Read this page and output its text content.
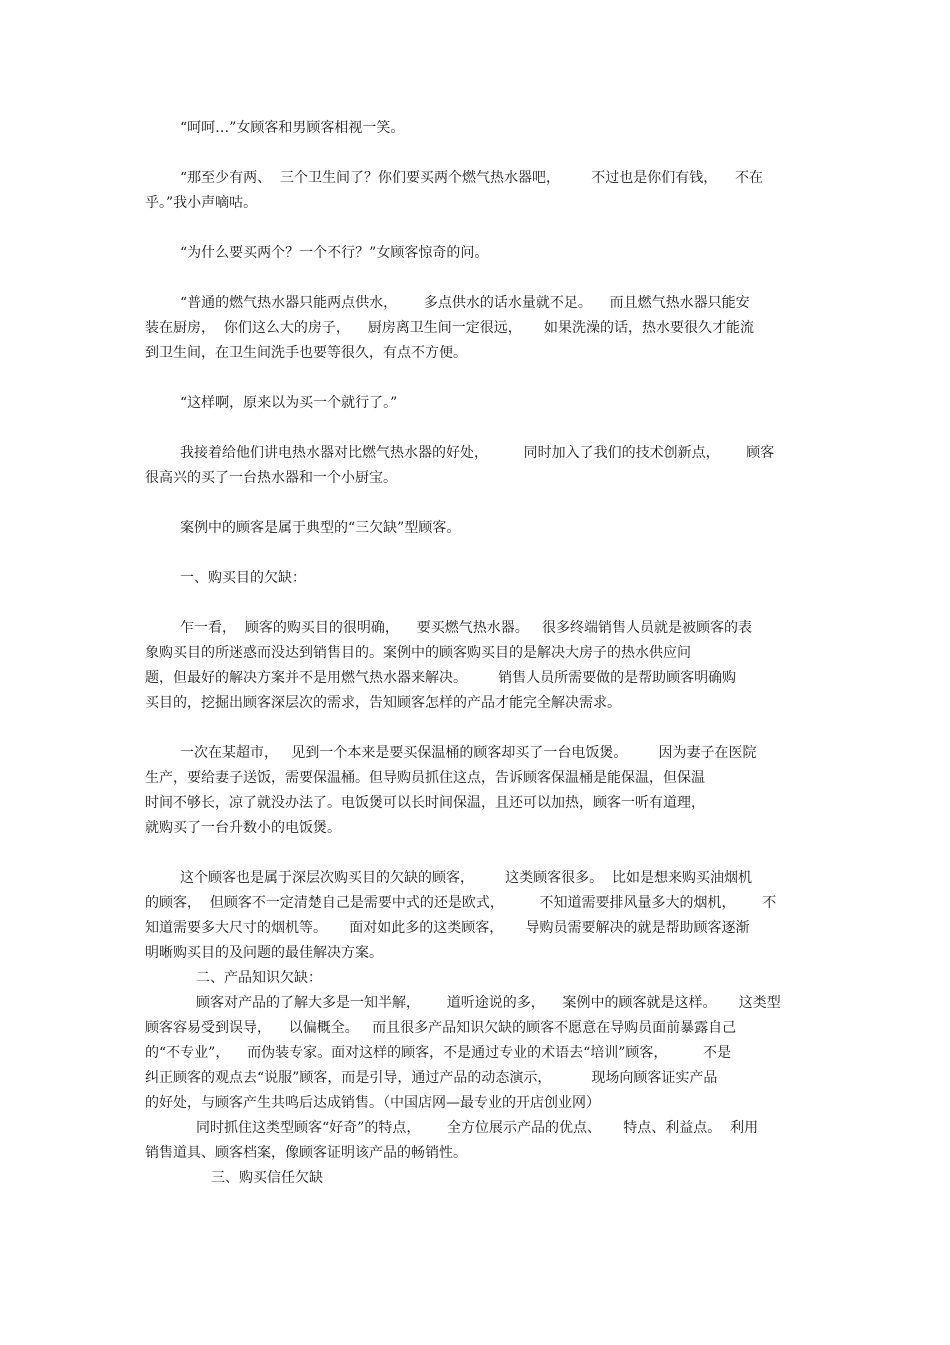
“呵呵…”女顾客和男顾客相视一笑。
“那至少有两、  三个卫生间了？你们要买两个燃气热水器吧，       不过也是你们有钱，    不在
乎。”我小声嘀咕。
“为什么要买两个？一个不行？”女顾客惊奇的问。
“普通的燃气热水器只能两点供水，      多点供水的话水量就不足。    而且燃气热水器只能安
装在厨房，  你们这么大的房子，    厨房离卫生间一定很远，     如果洗澡的话，热水要很久才能流
到卫生间，在卫生间洗手也要等很久，有点不方便。
“这样啊，原来以为买一个就行了。”
我接着给他们讲电热水器对比燃气热水器的好处，        同时加入了我们的技术创新点，      顾客
很高兴的买了一台热水器和一个小厨宝。
案例中的顾客是属于典型的“三欠缺”型顾客。
一、购买目的欠缺：
乍一看，  顾客的购买目的很明确，    要买燃气热水器。   很多终端销售人员就是被顾客的表
象购买目的所迷惑而没达到销售目的。案例中的顾客购买目的是解决大房子的热水供应问
题，但最好的解决方案并不是用燃气热水器来解决。       销售人员所需要做的是帮助顾客明确购
买目的，挖掘出顾客深层次的需求，告知顾客怎样的产品才能完全解决需求。
一次在某超市，   见到一个本来是要买保温桶的顾客却买了一台电饭煲。       因为妻子在医院
生产，要给妻子送饭，需要保温桶。但导购员抓住这点，告诉顾客保温桶是能保温，但保温
时间不够长，凉了就没办法了。电饭煲可以长时间保温，且还可以加热，顾客一听有道理，
就购买了一台升数小的电饭煲。
这个顾客也是属于深层次购买目的欠缺的顾客，       这类顾客很多。  比如是想来购买油烟机
的顾客，  但顾客不一定清楚自己是需要中式的还是欧式，        不知道需要排风量多大的烟机，      不
知道需要多大尺寸的烟机等。     面对如此多的这类顾客，     导购员需要解决的就是帮助顾客逐渐
明晰购买目的及问题的最佳解决方案。
二、产品知识欠缺：
顾客对产品的了解大多是一知半解，      道听途说的多，    案例中的顾客就是这样。     这类型
顾客容易受到误导，    以偏概全。   而且很多产品知识欠缺的顾客不愿意在导购员面前暴露自己
的“不专业”，    而伪装专家。面对这样的顾客，不是通过专业的术语去“培训”顾客，        不是
纠正顾客的观点去“说服”顾客，而是引导，通过产品的动态演示，         现场向顾客证实产品
的好处，与顾客产生共鸣后达成销售。（中国店网—最专业的开店创业网）
同时抓住这类型顾客“好奇”的特点，      全方位展示产品的优点、     特点、利益点。  利用
销售道具、顾客档案，像顾客证明该产品的畅销性。
三、购买信任欠缺
